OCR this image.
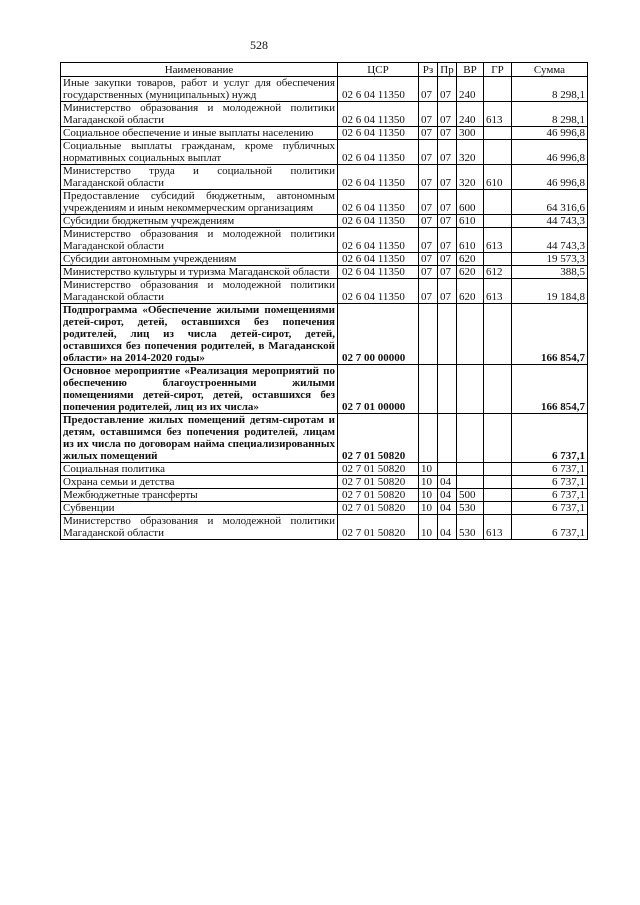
528
Наименование	ЦСР	Рз	Пр	ВР	ГР	Сумма
Иные закупки товаров, работ и услуг для обеспечения государственных (муниципальных) нужд	02 6 04 11350	07	07	240		8 298,1
Министерство образования и молодежной политики Магаданской области	02 6 04 11350	07	07	240	613	8 298,1
Социальное обеспечение и иные выплаты населению	02 6 04 11350	07	07	300		46 996,8
Социальные выплаты гражданам, кроме публичных нормативных социальных выплат	02 6 04 11350	07	07	320		46 996,8
Министерство труда и социальной политики Магаданской области	02 6 04 11350	07	07	320	610	46 996,8
Предоставление субсидий бюджетным, автономным учреждениям и иным некоммерческим организациям	02 6 04 11350	07	07	600		64 316,6
Субсидии бюджетным учреждениям	02 6 04 11350	07	07	610		44 743,3
Министерство образования и молодежной политики Магаданской области	02 6 04 11350	07	07	610	613	44 743,3
Субсидии автономным учреждениям	02 6 04 11350	07	07	620		19 573,3
Министерство культуры и туризма Магаданской области	02 6 04 11350	07	07	620	612	388,5
Министерство образования и молодежной политики Магаданской области	02 6 04 11350	07	07	620	613	19 184,8
Подпрограмма «Обеспечение жилыми помещениями детей-сирот, детей, оставшихся без попечения родителей, лиц из числа детей-сирот, детей, оставшихся без попечения родителей, в Магаданской области» на 2014-2020 годы»	02 7 00 00000					166 854,7
Основное мероприятие «Реализация мероприятий по обеспечению благоустроенными жилыми помещениями детей-сирот, детей, оставшихся без попечения родителей, лиц из их числа»	02 7 01 00000					166 854,7
Предоставление жилых помещений детям-сиротам и детям, оставшимся без попечения родителей, лицам из их числа по договорам найма специализированных жилых помещений	02 7 01 50820					6 737,1
Социальная политика	02 7 01 50820	10				6 737,1
Охрана семьи и детства	02 7 01 50820	10	04			6 737,1
Межбюджетные трансферты	02 7 01 50820	10	04	500		6 737,1
Субвенции	02 7 01 50820	10	04	530		6 737,1
Министерство образования и молодежной политики Магаданской области	02 7 01 50820	10	04	530	613	6 737,1
